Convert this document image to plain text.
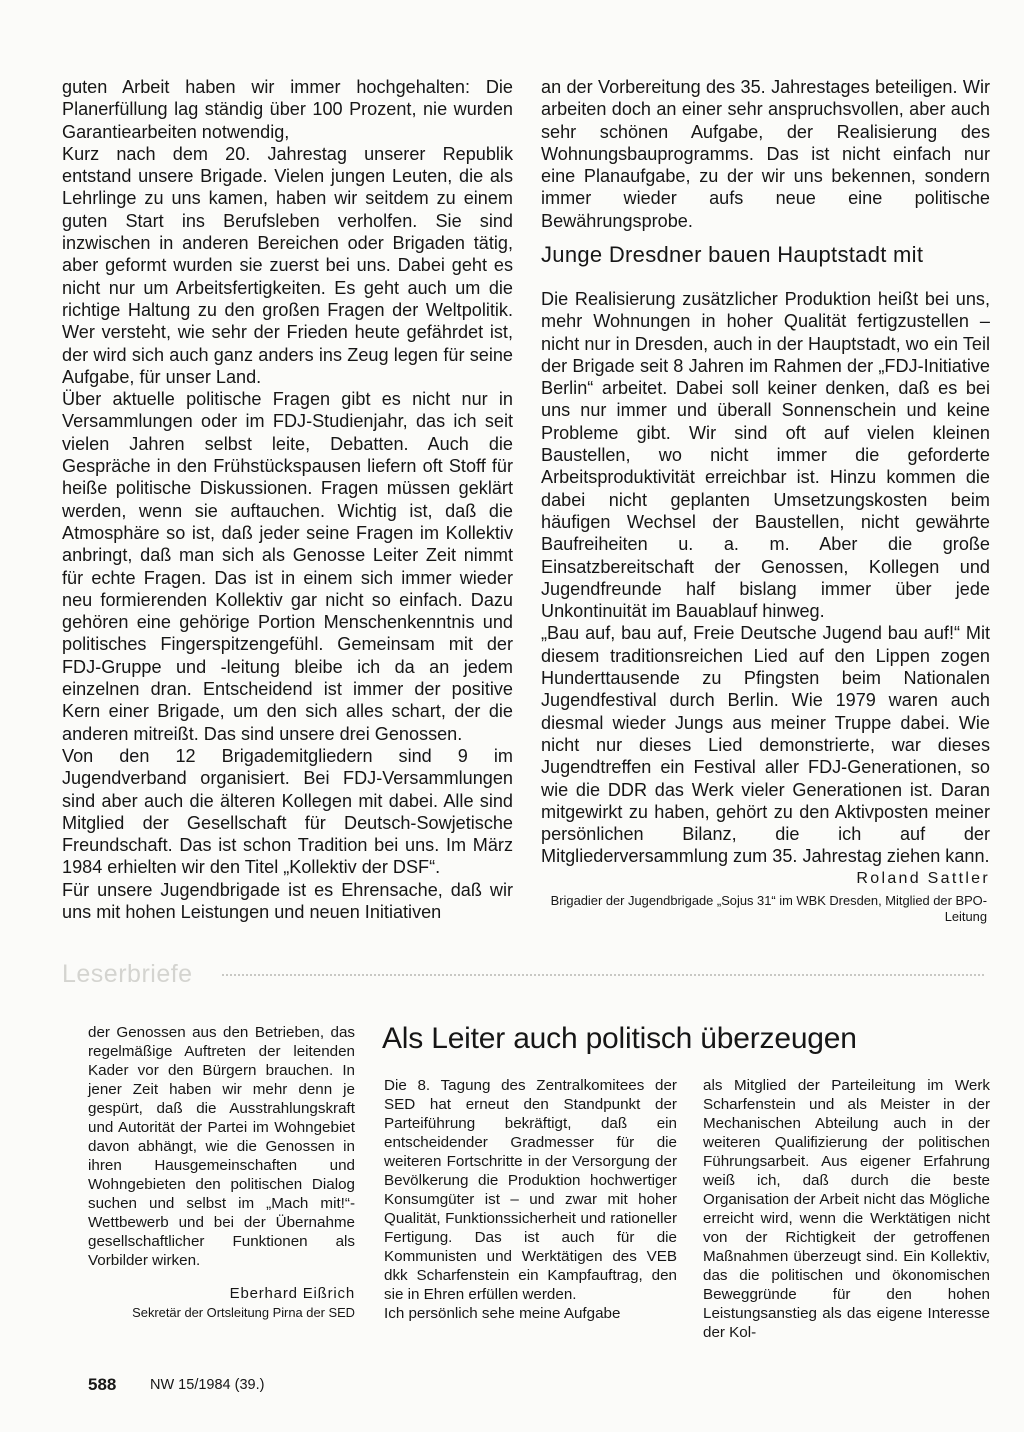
guten Arbeit haben wir immer hochgehalten: Die Planerfüllung lag ständig über 100 Prozent, nie wurden Garantiearbeiten notwendig,

Kurz nach dem 20. Jahrestag unserer Republik entstand unsere Brigade. Vielen jungen Leuten, die als Lehrlinge zu uns kamen, haben wir seitdem zu einem guten Start ins Berufsleben verholfen. Sie sind inzwischen in anderen Bereichen oder Brigaden tätig, aber geformt wurden sie zuerst bei uns. Dabei geht es nicht nur um Arbeitsfertigkeiten. Es geht auch um die richtige Haltung zu den großen Fragen der Weltpolitik. Wer versteht, wie sehr der Frieden heute gefährdet ist, der wird sich auch ganz anders ins Zeug legen für seine Aufgabe, für unser Land.

Über aktuelle politische Fragen gibt es nicht nur in Versammlungen oder im FDJ-Studienjahr, das ich seit vielen Jahren selbst leite, Debatten. Auch die Gespräche in den Frühstückspausen liefern oft Stoff für heiße politische Diskussionen. Fragen müssen geklärt werden, wenn sie auftauchen. Wichtig ist, daß die Atmosphäre so ist, daß jeder seine Fragen im Kollektiv anbringt, daß man sich als Genosse Leiter Zeit nimmt für echte Fragen. Das ist in einem sich immer wieder neu formierenden Kollektiv gar nicht so einfach. Dazu gehören eine gehörige Portion Menschenkenntnis und politisches Fingerspitzengefühl. Gemeinsam mit der FDJ-Gruppe und -leitung bleibe ich da an jedem einzelnen dran. Entscheidend ist immer der positive Kern einer Brigade, um den sich alles schart, der die anderen mitreißt. Das sind unsere drei Genossen.

Von den 12 Brigademitgliedern sind 9 im Jugendverband organisiert. Bei FDJ-Versammlungen sind aber auch die älteren Kollegen mit dabei. Alle sind Mitglied der Gesellschaft für Deutsch-Sowjetische Freundschaft. Das ist schon Tradition bei uns. Im März 1984 erhielten wir den Titel „Kollektiv der DSF“.

Für unsere Jugendbrigade ist es Ehrensache, daß wir uns mit hohen Leistungen und neuen Initiativen

an der Vorbereitung des 35. Jahrestages beteiligen. Wir arbeiten doch an einer sehr anspruchsvollen, aber auch sehr schönen Aufgabe, der Realisierung des Wohnungsbauprogramms. Das ist nicht einfach nur eine Planaufgabe, zu der wir uns bekennen, sondern immer wieder aufs neue eine politische Bewährungsprobe.

Junge Dresdner bauen Hauptstadt mit

Die Realisierung zusätzlicher Produktion heißt bei uns, mehr Wohnungen in hoher Qualität fertigzustellen – nicht nur in Dresden, auch in der Hauptstadt, wo ein Teil der Brigade seit 8 Jahren im Rahmen der „FDJ-Initiative Berlin“ arbeitet. Dabei soll keiner denken, daß es bei uns nur immer und überall Sonnenschein und keine Probleme gibt. Wir sind oft auf vielen kleinen Baustellen, wo nicht immer die geforderte Arbeitsproduktivität erreichbar ist. Hinzu kommen die dabei nicht geplanten Umsetzungskosten beim häufigen Wechsel der Baustellen, nicht gewährte Baufreiheiten u. a. m. Aber die große Einsatzbereitschaft der Genossen, Kollegen und Jugendfreunde half bislang immer über jede Unkontinuität im Bauablauf hinweg.

„Bau auf, bau auf, Freie Deutsche Jugend bau auf!“ Mit diesem traditionsreichen Lied auf den Lippen zogen Hunderttausende zu Pfingsten beim Nationalen Jugendfestival durch Berlin. Wie 1979 waren auch diesmal wieder Jungs aus meiner Truppe dabei. Wie nicht nur dieses Lied demonstrierte, war dieses Jugendtreffen ein Festival aller FDJ-Generationen, so wie die DDR das Werk vieler Generationen ist. Daran mitgewirkt zu haben, gehört zu den Aktivposten meiner persönlichen Bilanz, die ich auf der Mitgliederversammlung zum 35. Jahrestag ziehen kann.

Roland Sattler
Brigadier der Jugendbrigade „Sojus 31“ im WBK Dresden, Mitglied der BPO-Leitung
Leserbriefe

der Genossen aus den Betrieben, das regelmäßige Auftreten der leitenden Kader vor den Bürgern brauchen. In jener Zeit haben wir mehr denn je gespürt, daß die Ausstrahlungskraft und Autorität der Partei im Wohngebiet davon abhängt, wie die Genossen in ihren Hausgemeinschaften und Wohngebieten den politischen Dialog suchen und selbst im „Mach mit!“-Wettbewerb und bei der Übernahme gesellschaftlicher Funktionen als Vorbilder wirken.

Eberhard Eißrich
Sekretär der Ortsleitung Pirna der SED
Als Leiter auch politisch überzeugen

Die 8. Tagung des Zentralkomitees der SED hat erneut den Standpunkt der Parteiführung bekräftigt, daß ein entscheidender Gradmesser für die weiteren Fortschritte in der Versorgung der Bevölkerung die Produktion hochwertiger Konsumgüter ist – und zwar mit hoher Qualität, Funktionssicherheit und rationeller Fertigung. Das ist auch für die Kommunisten und Werktätigen des VEB dkk Scharfenstein ein Kampfauftrag, den sie in Ehren erfüllen werden.

Ich persönlich sehe meine Aufgabe

als Mitglied der Parteileitung im Werk Scharfenstein und als Meister in der Mechanischen Abteilung auch in der weiteren Qualifizierung der politischen Führungsarbeit. Aus eigener Erfahrung weiß ich, daß durch die beste Organisation der Arbeit nicht das Mögliche erreicht wird, wenn die Werktätigen nicht von der Richtigkeit der getroffenen Maßnahmen überzeugt sind. Ein Kollektiv, das die politischen und ökonomischen Beweggründe für den hohen Leistungsanstieg als das eigene Interesse der Kol-

588 NW 15/1984 (39.)
